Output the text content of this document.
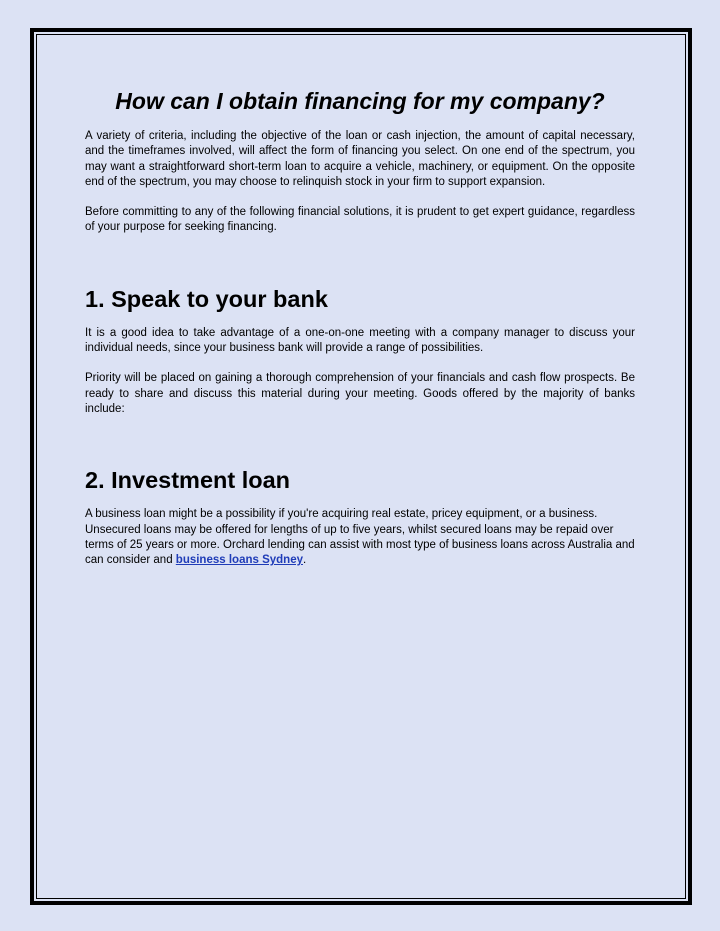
How can I obtain financing for my company?

A variety of criteria, including the objective of the loan or cash injection, the amount of capital necessary, and the timeframes involved, will affect the form of financing you select. On one end of the spectrum, you may want a straightforward short-term loan to acquire a vehicle, machinery, or equipment. On the opposite end of the spectrum, you may choose to relinquish stock in your firm to support expansion.

Before committing to any of the following financial solutions, it is prudent to get expert guidance, regardless of your purpose for seeking financing.

1. Speak to your bank

It is a good idea to take advantage of a one-on-one meeting with a company manager to discuss your individual needs, since your business bank will provide a range of possibilities.

Priority will be placed on gaining a thorough comprehension of your financials and cash flow prospects. Be ready to share and discuss this material during your meeting. Goods offered by the majority of banks include:

2. Investment loan

A business loan might be a possibility if you're acquiring real estate, pricey equipment, or a business. Unsecured loans may be offered for lengths of up to five years, whilst secured loans may be repaid over terms of 25 years or more. Orchard lending can assist with most type of business loans across Australia and can consider and business loans Sydney.
